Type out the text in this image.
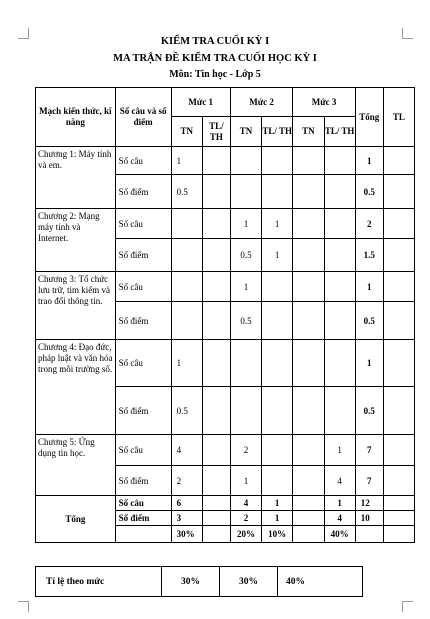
KIỂM TRA CUỐI KỲ I
MA TRẬN ĐỀ KIỂM TRA CUỐI HỌC KỲ I
Môn: Tin học - Lớp 5
Mạch kiến thức, kĩ năng	Số câu và số điểm	Mức 1		Mức 2		Mức 3		Tổng	TL
		TN	TL/ TH	TN	TL/ TH	TN	TL/ TH		
Chương 1: Máy tính và em.	Số câu	1						1	
	Số điểm	0.5						0.5	
Chương 2: Mạng máy tính và Internet.	Số câu			1	1			2	
	Số điểm			0.5	1			1.5	
Chương 3: Tổ chức lưu trữ, tìm kiếm và trao đổi thông tin.	Số câu			1				1	
	Số điểm			0.5				0.5	
Chương 4: Đạo đức, pháp luật và văn hóa trong môi trường số.	Số câu	1						1	
	Số điểm	0.5						0.5	
Chương 5: Ứng dụng tin học.	Số câu	4		2			1	7	
	Số điểm	2		1			4	7	
Tổng	Số câu	6		4	1		1	12	
	Số điểm	3		2	1		4	10	
		30%		20%	10%		40%		
Tỉ lệ theo mức	30%	30%	40%
